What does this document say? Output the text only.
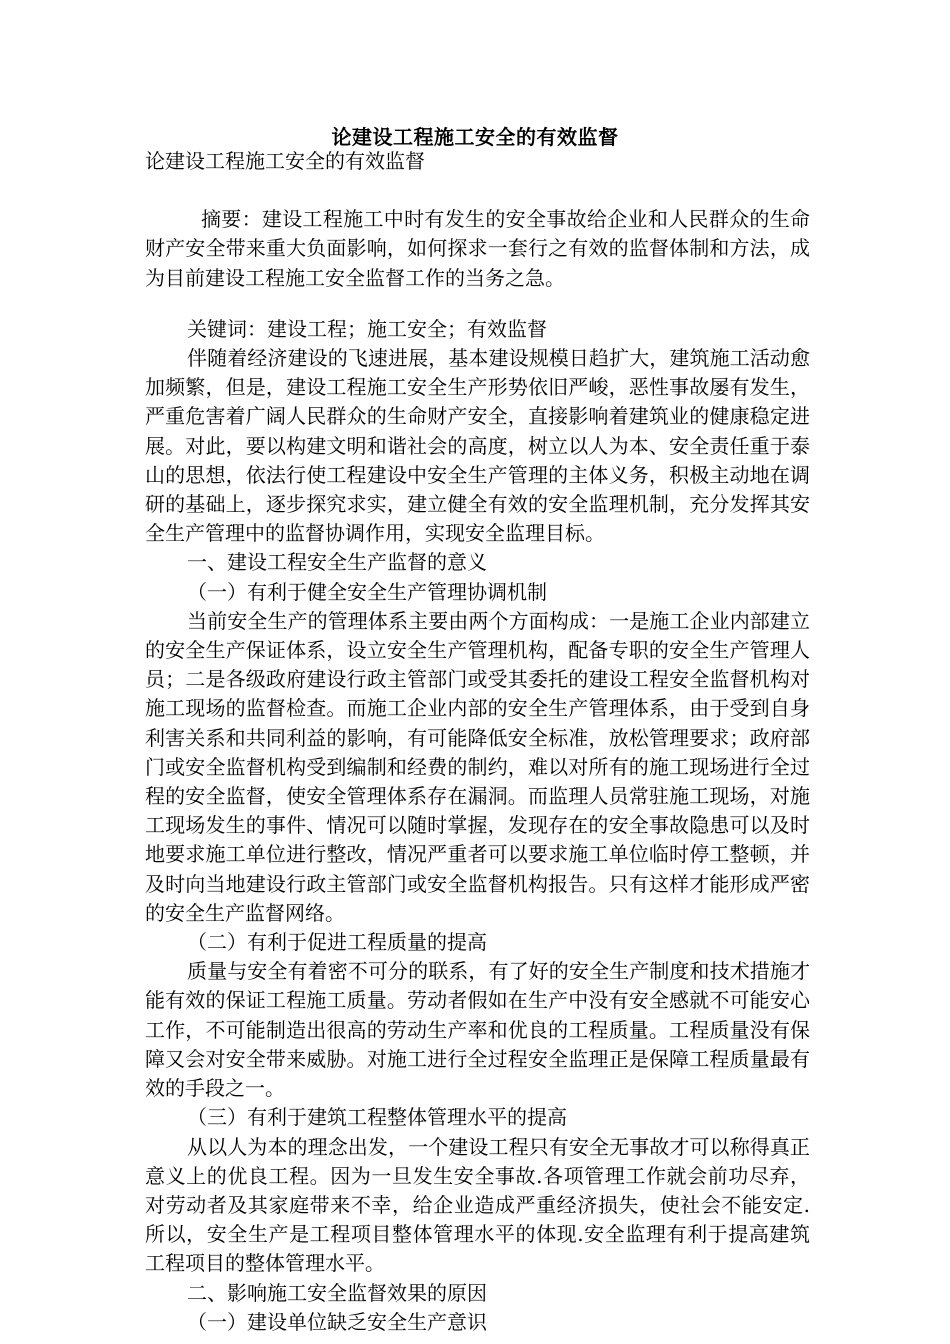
论建设工程施工安全的有效监督

论建设工程施工安全的有效监督

摘要：建设工程施工中时有发生的安全事故给企业和人民群众的生命财产安全带来重大负面影响，如何探求一套行之有效的监督体制和方法，成为目前建设工程施工安全监督工作的当务之急。

关键词：建设工程；施工安全；有效监督

伴随着经济建设的飞速进展，基本建设规模日趋扩大，建筑施工活动愈加频繁，但是，建设工程施工安全生产形势依旧严峻，恶性事故屡有发生，严重危害着广阔人民群众的生命财产安全，直接影响着建筑业的健康稳定进展。对此，要以构建文明和谐社会的高度，树立以人为本、安全责任重于泰山的思想，依法行使工程建设中安全生产管理的主体义务，积极主动地在调研的基础上，逐步探究求实，建立健全有效的安全监理机制，充分发挥其安全生产管理中的监督协调作用，实现安全监理目标。

一、建设工程安全生产监督的意义

（一）有利于健全安全生产管理协调机制

当前安全生产的管理体系主要由两个方面构成：一是施工企业内部建立的安全生产保证体系，设立安全生产管理机构，配备专职的安全生产管理人员；二是各级政府建设行政主管部门或受其委托的建设工程安全监督机构对施工现场的监督检查。而施工企业内部的安全生产管理体系，由于受到自身利害关系和共同利益的影响，有可能降低安全标准，放松管理要求；政府部门或安全监督机构受到编制和经费的制约，难以对所有的施工现场进行全过程的安全监督，使安全管理体系存在漏洞。而监理人员常驻施工现场，对施工现场发生的事件、情况可以随时掌握，发现存在的安全事故隐患可以及时地要求施工单位进行整改，情况严重者可以要求施工单位临时停工整顿，并及时向当地建设行政主管部门或安全监督机构报告。只有这样才能形成严密的安全生产监督网络。

（二）有利于促进工程质量的提高

质量与安全有着密不可分的联系，有了好的安全生产制度和技术措施才能有效的保证工程施工质量。劳动者假如在生产中没有安全感就不可能安心工作，不可能制造出很高的劳动生产率和优良的工程质量。工程质量没有保障又会对安全带来威胁。对施工进行全过程安全监理正是保障工程质量最有效的手段之一。

（三）有利于建筑工程整体管理水平的提高

从以人为本的理念出发，一个建设工程只有安全无事故才可以称得真正意义上的优良工程。因为一旦发生安全事故.各项管理工作就会前功尽弃，对劳动者及其家庭带来不幸，给企业造成严重经济损失，使社会不能安定.所以，安全生产是工程项目整体管理水平的体现.安全监理有利于提高建筑工程项目的整体管理水平。

二、影响施工安全监督效果的原因

（一）建设单位缺乏安全生产意识
